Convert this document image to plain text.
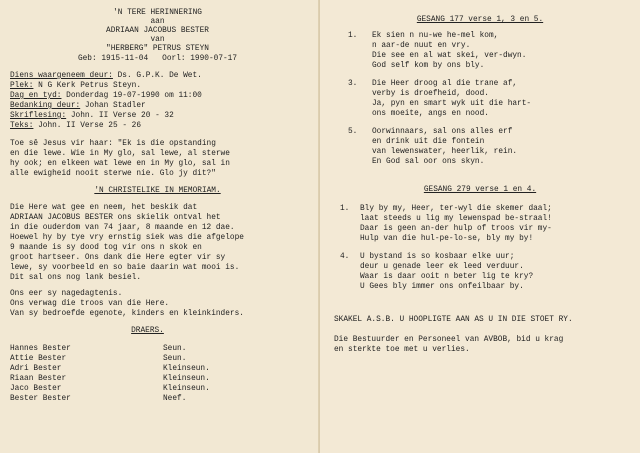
'N TERE HERINNERING
aan
ADRIAAN JACOBUS BESTER
van
"HERBERG" PETRUS STEYN
Geb: 1915-11-04   Oorl: 1990-07-17
Diens waargeneem deur: Ds. G.P.K. De Wet.
Plek: N G Kerk Petrus Steyn.
Dag en tyd: Donderdag 19-07-1990 om 11:00
Bedanking deur: Johan Stadler
Skriflesing: John. II Verse 20 - 32
Teks: John. II Verse 25 - 26
Toe sê Jesus vir haar: "Ek is die opstanding
en die lewe. Wie in My glo, sal lewe, al sterwe
hy ook; en elkeen wat lewe en in My glo, sal in
alle ewigheid nooit sterwe nie. Glo jy dit?"
'N CHRISTELIKE IN MEMORIAM.
Die Here wat gee en neem, het beskik dat
ADRIAAN JACOBUS BESTER ons skielik ontval het
in die ouderdom van 74 jaar, 8 maande en 12 dae.
Hoewel hy by tye vry ernstig siek was die afgelope
9 maande is sy dood tog vir ons n skok en
groot hartseer. Ons dank die Here egter vir sy
lewe, sy voorbeeld en so baie daarin wat mooi is.
Dit sal ons nog lank besiel.
Ons eer sy nagedagtenis.
Ons verwag die troos van die Here.
Van sy bedroefde egenote, kinders en kleinkinders.
DRAERS.
Hannes Bester	Seun.
Attie Bester	Seun.
Adri Bester	Kleinseun.
Riaan Bester	Kleinseun.
Jaco Bester	Kleinseun.
Bester Bester	Neef.
GESANG 177 verse 1, 3 en 5.
1. Ek sien n nu-we he-mel kom,
n aar-de nuut en vry.
Die see en al wat skei, ver-dwyn.
God self kom by ons bly.
3. Die Heer droog al die trane af,
verby is droefheid, dood.
Ja, pyn en smart wyk uit die hart-
ons moeite, angs en nood.
5. Oorwinnaars, sal ons alles erf
en drink uit die fontein
van lewenswater, heerlik, rein.
En God sal oor ons skyn.
GESANG 279 verse 1 en 4.
1. Bly by my, Heer, ter-wyl die skemer daal;
laat steeds u lig my lewenspad be-straal!
Daar is geen an-der hulp of troos vir my-
Hulp van die hul-pe-lo-se, bly my by!
4. U bystand is so kosbaar elke uur;
deur u genade leer ek leed verduur.
Waar is daar ooit n beter lig te kry?
U Gees bly immer ons onfeilbaar by.
SKAKEL A.S.B. U HOOPLIGTE AAN AS U IN DIE STOET RY.
Die Bestuurder en Personeel van AVBOB, bid u krag
en sterkte toe met u verlies.
